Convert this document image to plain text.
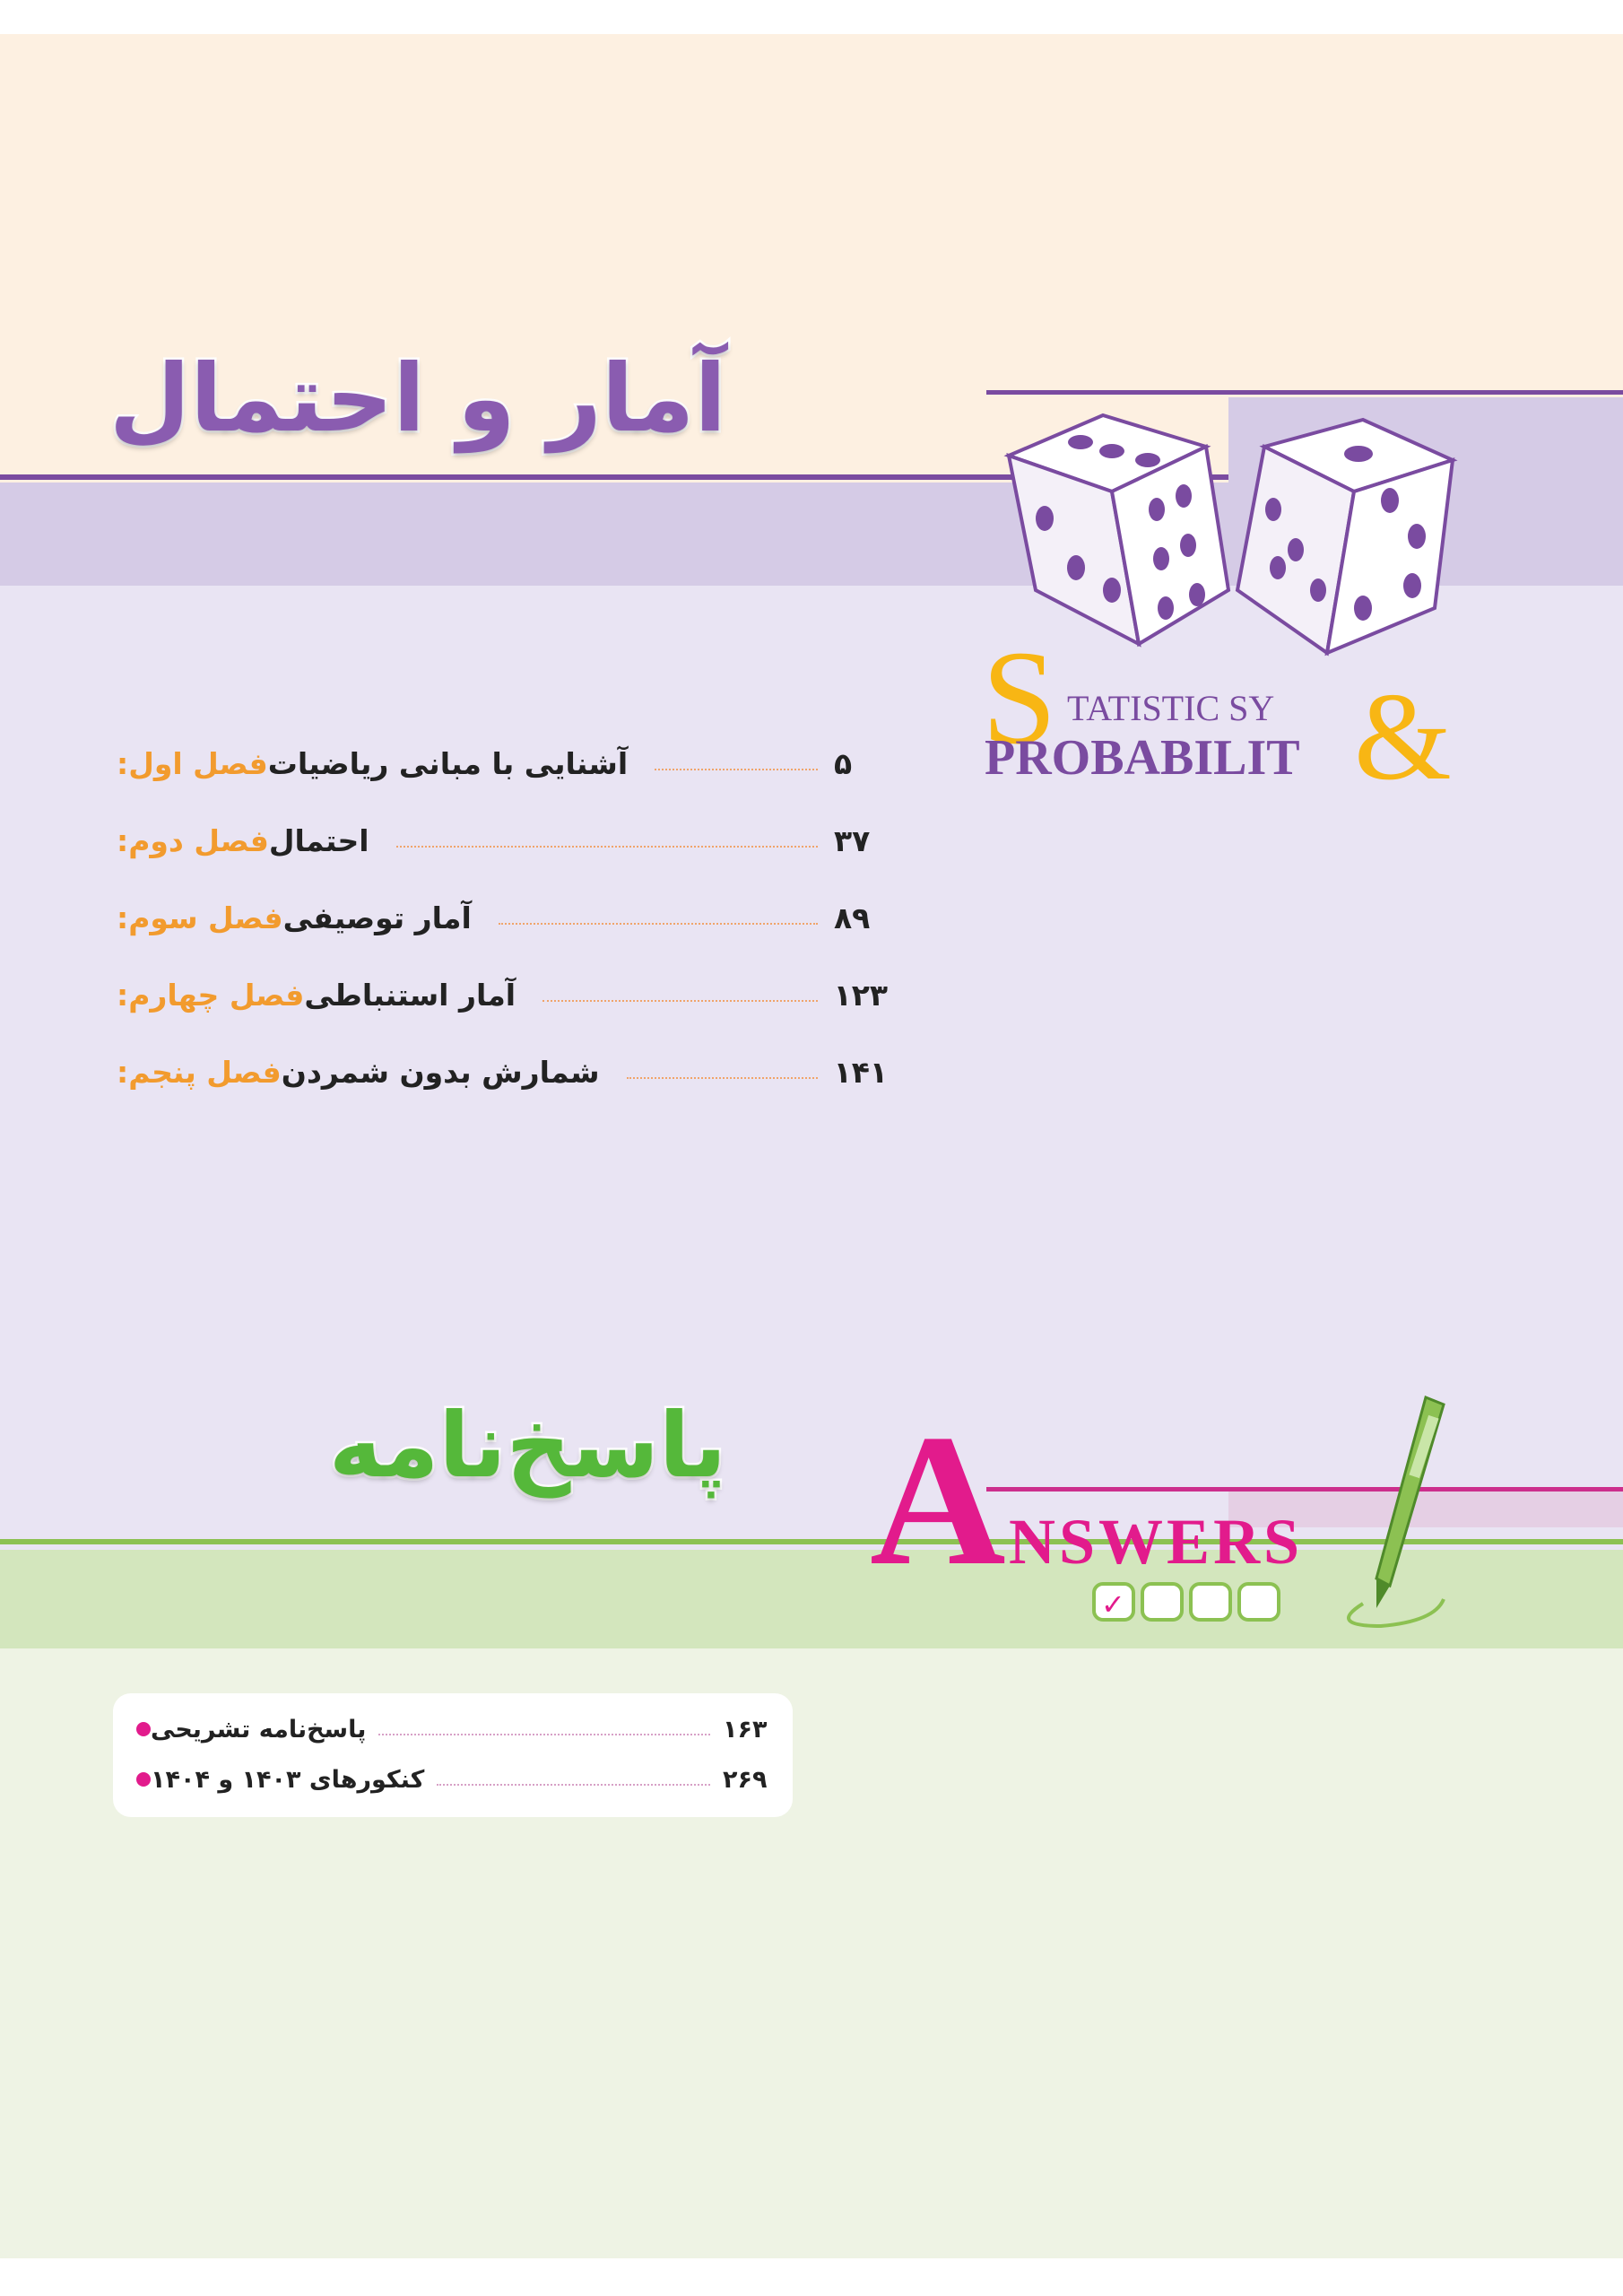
آمار و احتمال
S TATISTIC SY
PROBABILIT &
فصل اول: آشنایی با مبانی ریاضیات	۵
فصل دوم: احتمال	۳۷
فصل سوم: آمار توصیفی	۸۹
فصل چهارم: آمار استنباطی	۱۲۳
فصل پنجم: شمارش بدون شمردن	۱۴۱
پاسخ‌نامه A NSWERS
✓
پاسخ‌نامه تشریحی	۱۶۳
کنکورهای ۱۴۰۳ و ۱۴۰۴	۲۶۹
